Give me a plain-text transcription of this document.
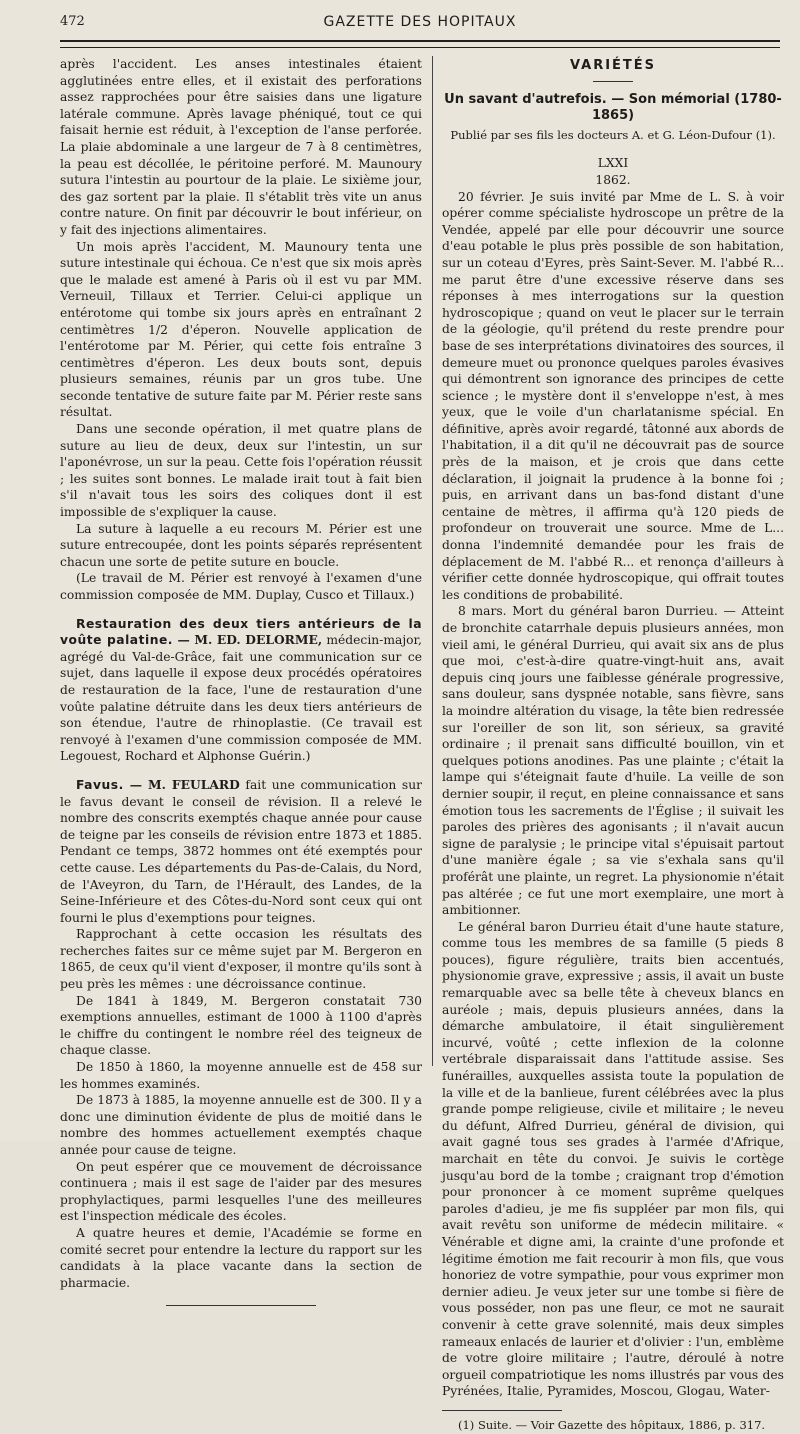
472	GAZETTE DES HOPITAUX

après l'accident. Les anses intestinales étaient agglutinées entre elles, et il existait des perforations assez rapprochées pour être saisies dans une ligature latérale commune. Après lavage phéniqué, tout ce qui faisait hernie est réduit, à l'exception de l'anse perforée. La plaie abdominale a une largeur de 7 à 8 centimètres, la peau est décollée, le péritoine perforé. M. Maunoury sutura l'intestin au pourtour de la plaie. Le sixième jour, des gaz sortent par la plaie. Il s'établit très vite un anus contre nature. On finit par découvrir le bout inférieur, on y fait des injections alimentaires.

Un mois après l'accident, M. Maunoury tenta une suture intestinale qui échoua. Ce n'est que six mois après que le malade est amené à Paris où il est vu par MM. Verneuil, Tillaux et Terrier. Celui-ci applique un entérotome qui tombe six jours après en entraînant 2 centimètres 1/2 d'éperon. Nouvelle application de l'entérotome par M. Périer, qui cette fois entraîne 3 centimètres d'éperon. Les deux bouts sont, depuis plusieurs semaines, réunis par un gros tube. Une seconde tentative de suture faite par M. Périer reste sans résultat.

Dans une seconde opération, il met quatre plans de suture au lieu de deux, deux sur l'intestin, un sur l'aponévrose, un sur la peau. Cette fois l'opération réussit ; les suites sont bonnes. Le malade irait tout à fait bien s'il n'avait tous les soirs des coliques dont il est impossible de s'expliquer la cause.

La suture à laquelle a eu recours M. Périer est une suture entrecoupée, dont les points séparés représentent chacun une sorte de petite suture en boucle.

(Le travail de M. Périer est renvoyé à l'examen d'une commission composée de MM. Duplay, Cusco et Tillaux.)

Restauration des deux tiers antérieurs de la voûte palatine. — M. ED. DELORME, médecin-major, agrégé du Val-de-Grâce, fait une communication sur ce sujet, dans laquelle il expose deux procédés opératoires de restauration de la face, l'une de restauration d'une voûte palatine détruite dans les deux tiers antérieurs de son étendue, l'autre de rhinoplastie. (Ce travail est renvoyé à l'examen d'une commission composée de MM. Legouest, Rochard et Alphonse Guérin.)

Favus. — M. FEULARD fait une communication sur le favus devant le conseil de révision. Il a relevé le nombre des conscrits exemptés chaque année pour cause de teigne par les conseils de révision entre 1873 et 1885. Pendant ce temps, 3872 hommes ont été exemptés pour cette cause. Les départements du Pas-de-Calais, du Nord, de l'Aveyron, du Tarn, de l'Hérault, des Landes, de la Seine-Inférieure et des Côtes-du-Nord sont ceux qui ont fourni le plus d'exemptions pour teignes.

Rapprochant à cette occasion les résultats des recherches faites sur ce même sujet par M. Bergeron en 1865, de ceux qu'il vient d'exposer, il montre qu'ils sont à peu près les mêmes : une décroissance continue.

De 1841 à 1849, M. Bergeron constatait 730 exemptions annuelles, estimant de 1000 à 1100 d'après le chiffre du contingent le nombre réel des teigneux de chaque classe.

De 1850 à 1860, la moyenne annuelle est de 458 sur les hommes examinés.

De 1873 à 1885, la moyenne annuelle est de 300. Il y a donc une diminution évidente de plus de moitié dans le nombre des hommes actuellement exemptés chaque année pour cause de teigne.

On peut espérer que ce mouvement de décroissance continuera ; mais il est sage de l'aider par des mesures prophylactiques, parmi lesquelles l'une des meilleures est l'inspection médicale des écoles.

A quatre heures et demie, l'Académie se forme en comité secret pour entendre la lecture du rapport sur les candidats à la place vacante dans la section de pharmacie.

VARIÉTÉS
Un savant d'autrefois. — Son mémorial (1780-1865)
Publié par ses fils les docteurs A. et G. Léon-Dufour (1).

LXXI

1862.

20 février. Je suis invité par Mme de L. S. à voir opérer comme spécialiste hydroscope un prêtre de la Vendée, appelé par elle pour découvrir une source d'eau potable le plus près possible de son habitation, sur un coteau d'Eyres, près Saint-Sever. M. l'abbé R... me parut être d'une excessive réserve dans ses réponses à mes interrogations sur la question hydroscopique ; quand on veut le placer sur le terrain de la géologie, qu'il prétend du reste prendre pour base de ses interprétations divinatoires des sources, il demeure muet ou prononce quelques paroles évasives qui démontrent son ignorance des principes de cette science ; le mystère dont il s'enveloppe n'est, à mes yeux, que le voile d'un charlatanisme spécial. En définitive, après avoir regardé, tâtonné aux abords de l'habitation, il a dit qu'il ne découvrait pas de source près de la maison, et je crois que dans cette déclaration, il joignait la prudence à la bonne foi ; puis, en arrivant dans un bas-fond distant d'une centaine de mètres, il affirma qu'à 120 pieds de profondeur on trouverait une source. Mme de L... donna l'indemnité demandée pour les frais de déplacement de M. l'abbé R... et renonça d'ailleurs à vérifier cette donnée hydroscopique, qui offrait toutes les conditions de probabilité.

8 mars. Mort du général baron Durrieu. — Atteint de bronchite catarrhale depuis plusieurs années, mon vieil ami, le général Durrieu, qui avait six ans de plus que moi, c'est-à-dire quatre-vingt-huit ans, avait depuis cinq jours une faiblesse générale progressive, sans douleur, sans dyspnée notable, sans fièvre, sans la moindre altération du visage, la tête bien redressée sur l'oreiller de son lit, son sérieux, sa gravité ordinaire ; il prenait sans difficulté bouillon, vin et quelques potions anodines. Pas une plainte ; c'était la lampe qui s'éteignait faute d'huile. La veille de son dernier soupir, il reçut, en pleine connaissance et sans émotion tous les sacrements de l'Église ; il suivait les paroles des prières des agonisants ; il n'avait aucun signe de paralysie ; le principe vital s'épuisait partout d'une manière égale ; sa vie s'exhala sans qu'il proférât une plainte, un regret. La physionomie n'était pas altérée ; ce fut une mort exemplaire, une mort à ambitionner.

Le général baron Durrieu était d'une haute stature, comme tous les membres de sa famille (5 pieds 8 pouces), figure régulière, traits bien accentués, physionomie grave, expressive ; assis, il avait un buste remarquable avec sa belle tête à cheveux blancs en auréole ; mais, depuis plusieurs années, dans la démarche ambulatoire, il était singulièrement incurvé, voûté ; cette inflexion de la colonne vertébrale disparaissait dans l'attitude assise. Ses funérailles, auxquelles assista toute la population de la ville et de la banlieue, furent célébrées avec la plus grande pompe religieuse, civile et militaire ; le neveu du défunt, Alfred Durrieu, général de division, qui avait gagné tous ses grades à l'armée d'Afrique, marchait en tête du convoi. Je suivis le cortège jusqu'au bord de la tombe ; craignant trop d'émotion pour prononcer à ce moment suprême quelques paroles d'adieu, je me fis suppléer par mon fils, qui avait revêtu son uniforme de médecin militaire. « Vénérable et digne ami, la crainte d'une profonde et légitime émotion me fait recourir à mon fils, que vous honoriez de votre sympathie, pour vous exprimer mon dernier adieu. Je veux jeter sur une tombe si fière de vous posséder, non pas une fleur, ce mot ne saurait convenir à cette grave solennité, mais deux simples rameaux enlacés de laurier et d'olivier : l'un, emblème de votre gloire militaire ; l'autre, déroulé à notre orgueil compatriotique les noms illustrés par vous des Pyrénées, Italie, Pyramides, Moscou, Glogau, Water-

(1) Suite. — Voir Gazette des hôpitaux, 1886, p. 317.
